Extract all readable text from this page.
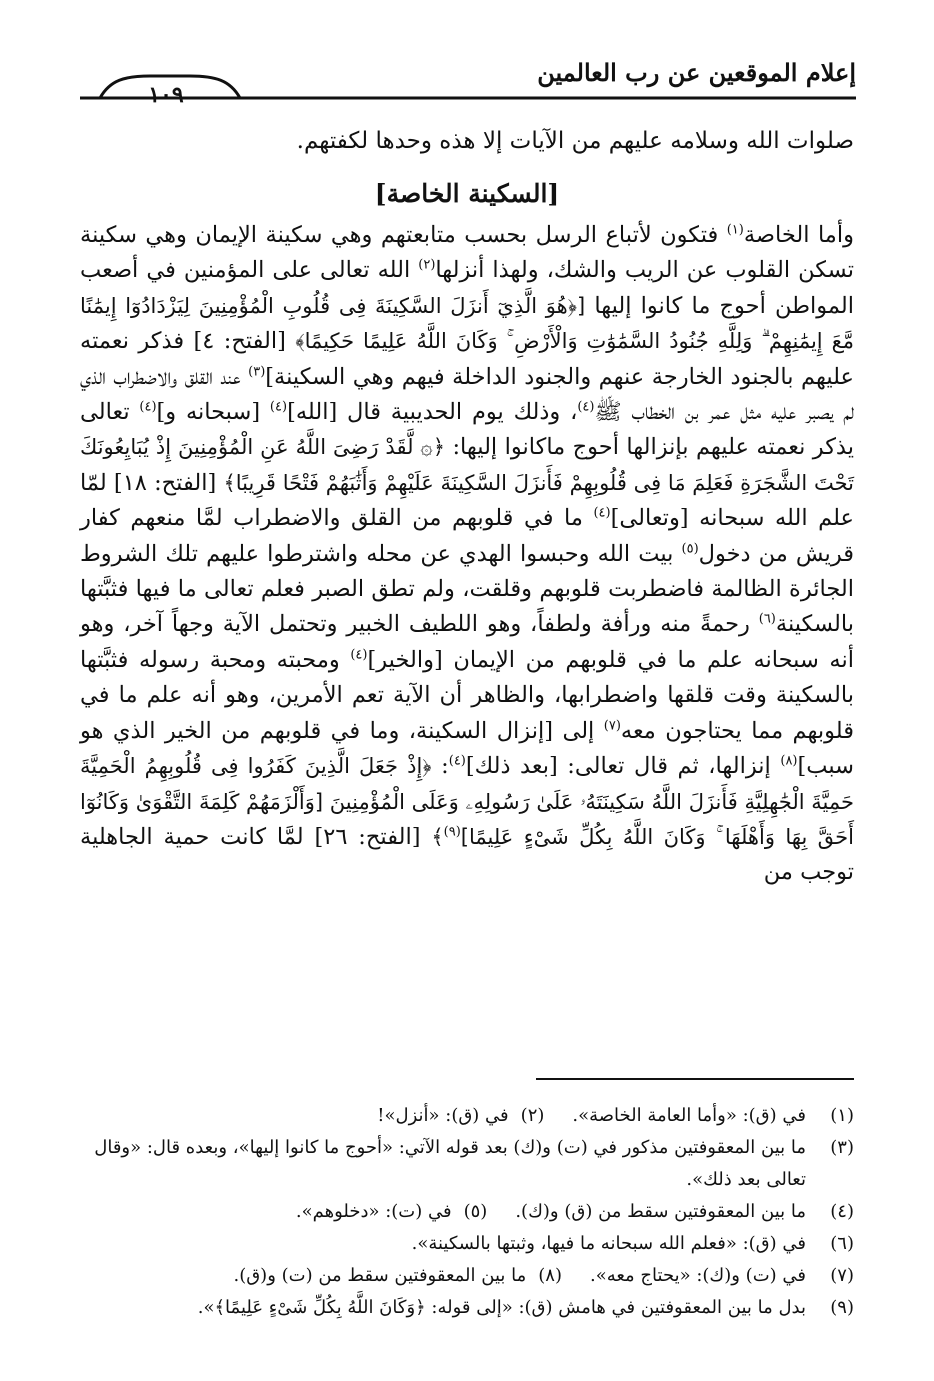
إعلام الموقعين عن رب العالمين
١٠٩
صلوات الله وسلامه عليهم من الآيات إلا هذه وحدها لكفتهم.
[السكينة الخاصة]

وأما الخاصة$^{(١)}$ فتكون لأتباع الرسل بحسب متابعتهم وهي سكينة الإيمان وهي سكينة تسكن القلوب عن الريب والشك، ولهذا أنزلها$^{(٢)}$ الله تعالى على المؤمنين في أصعب المواطن أحوج ما كانوا إليها [﴿هُوَ الَّذِيٓ أَنزَلَ السَّكِينَةَ فِى قُلُوبِ الْمُؤْمِنِينَ لِيَزْدَادُوٓا إِيمَٰنًا مَّعَ إِيمَٰنِهِمْ ۗ وَلِلَّهِ جُنُودُ السَّمَٰوَٰتِ وَالْأَرْضِ ۚ وَكَانَ اللَّهُ عَلِيمًا حَكِيمًا﴾ [الفتح: ٤] فذكر نعمته عليهم بالجنود الخارجة عنهم والجنود الداخلة فيهم وهي السكينة]$^{(٣)}$ عند القلق والاضطراب الذي لم يصبر عليه مثل عمر بن الخطاب ﷺ$^{(٤)}$، وذلك يوم الحديبية قال [الله]$^{(٤)}$ [سبحانه و]$^{(٤)}$ تعالى يذكر نعمته عليهم بإنزالها أحوج ماكانوا إليها: ﴿۞ لَّقَدْ رَضِىَ اللَّهُ عَنِ الْمُؤْمِنِينَ إِذْ يُبَايِعُونَكَ تَحْتَ الشَّجَرَةِ فَعَلِمَ مَا فِى قُلُوبِهِمْ فَأَنزَلَ السَّكِينَةَ عَلَيْهِمْ وَأَثَٰبَهُمْ فَتْحًا قَرِيبًا﴾ [الفتح: ١٨] لمّا علم الله سبحانه [وتعالى]$^{(٤)}$ ما في قلوبهم من القلق والاضطراب لمَّا منعهم كفار قريش من دخول$^{(٥)}$ بيت الله وحبسوا الهدي عن محله واشترطوا عليهم تلك الشروط الجائرة الظالمة فاضطربت قلوبهم وقلقت، ولم تطق الصبر فعلم تعالى ما فيها فثبَّتها بالسكينة$^{(٦)}$ رحمةً منه ورأفة ولطفاً، وهو اللطيف الخبير وتحتمل الآية وجهاً آخر، وهو أنه سبحانه علم ما في قلوبهم من الإيمان [والخير]$^{(٤)}$ ومحبته ومحبة رسوله فثبَّتها بالسكينة وقت قلقها واضطرابها، والظاهر أن الآية تعم الأمرين، وهو أنه علم ما في قلوبهم مما يحتاجون معه$^{(٧)}$ إلى [إنزال السكينة، وما في قلوبهم من الخير الذي هو سبب]$^{(٨)}$ إنزالها، ثم قال تعالى: [بعد ذلك]$^{(٤)}$: ﴿إِذْ جَعَلَ الَّذِينَ كَفَرُوا فِى قُلُوبِهِمُ الْحَمِيَّةَ حَمِيَّةَ الْجَٰهِلِيَّةِ فَأَنزَلَ اللَّهُ سَكِينَتَهُۥ عَلَىٰ رَسُولِهِۦ وَعَلَى الْمُؤْمِنِينَ [وَأَلْزَمَهُمْ كَلِمَةَ التَّقْوَىٰ وَكَانُوٓا أَحَقَّ بِهَا وَأَهْلَهَا ۚ وَكَانَ اللَّهُ بِكُلِّ شَىْءٍ عَلِيمًا]$^{(٩)}$﴾ [الفتح: ٢٦] لمَّا كانت حمية الجاهلية توجب من

(١)
في (ق): «وأما العامة الخاصة».(٢)في (ق): «أنزل»!
(٣)
ما بين المعقوفتين مذكور في (ت) و(ك) بعد قوله الآتي: «أحوج ما كانوا إليها»، وبعده قال: «وقال تعالى بعد ذلك».
(٤)
ما بين المعقوفتين سقط من (ق) و(ك).(٥)في (ت): «دخلوهم».
(٦)
في (ق): «فعلم الله سبحانه ما فيها، وثبتها بالسكينة».
(٧)
في (ت) و(ك): «يحتاج معه».(٨)ما بين المعقوفتين سقط من (ت) و(ق).
(٩)
بدل ما بين المعقوفتين في هامش (ق): «إلى قوله: ﴿وَكَانَ اللَّهُ بِكُلِّ شَىْءٍ عَلِيمًا﴾».
